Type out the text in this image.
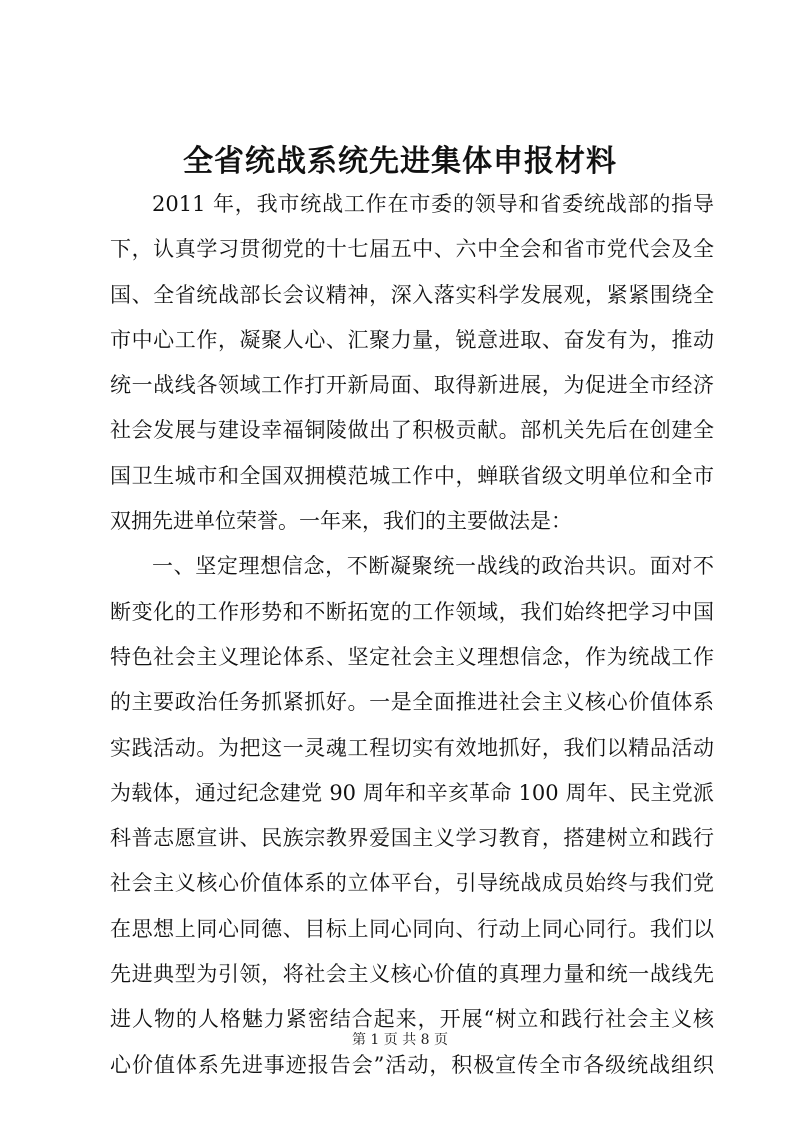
全省统战系统先进集体申报材料
2011 年，我市统战工作在市委的领导和省委统战部的指导
下，认真学习贯彻党的十七届五中、六中全会和省市党代会及全
国、全省统战部长会议精神，深入落实科学发展观，紧紧围绕全
市中心工作，凝聚人心、汇聚力量，锐意进取、奋发有为，推动
统一战线各领域工作打开新局面、取得新进展，为促进全市经济
社会发展与建设幸福铜陵做出了积极贡献。部机关先后在创建全
国卫生城市和全国双拥模范城工作中，蝉联省级文明单位和全市
双拥先进单位荣誉。一年来，我们的主要做法是：
一、坚定理想信念，不断凝聚统一战线的政治共识。面对不
断变化的工作形势和不断拓宽的工作领域，我们始终把学习中国
特色社会主义理论体系、坚定社会主义理想信念，作为统战工作
的主要政治任务抓紧抓好。一是全面推进社会主义核心价值体系
实践活动。为把这一灵魂工程切实有效地抓好，我们以精品活动
为载体，通过纪念建党 90 周年和辛亥革命 100 周年、民主党派
科普志愿宣讲、民族宗教界爱国主义学习教育，搭建树立和践行
社会主义核心价值体系的立体平台，引导统战成员始终与我们党
在思想上同心同德、目标上同心同向、行动上同心同行。我们以
先进典型为引领，将社会主义核心价值的真理力量和统一战线先
进人物的人格魅力紧密结合起来，开展“树立和践行社会主义核
心价值体系先进事迹报告会”活动，积极宣传全市各级统战组织
第 1 页 共 8 页
